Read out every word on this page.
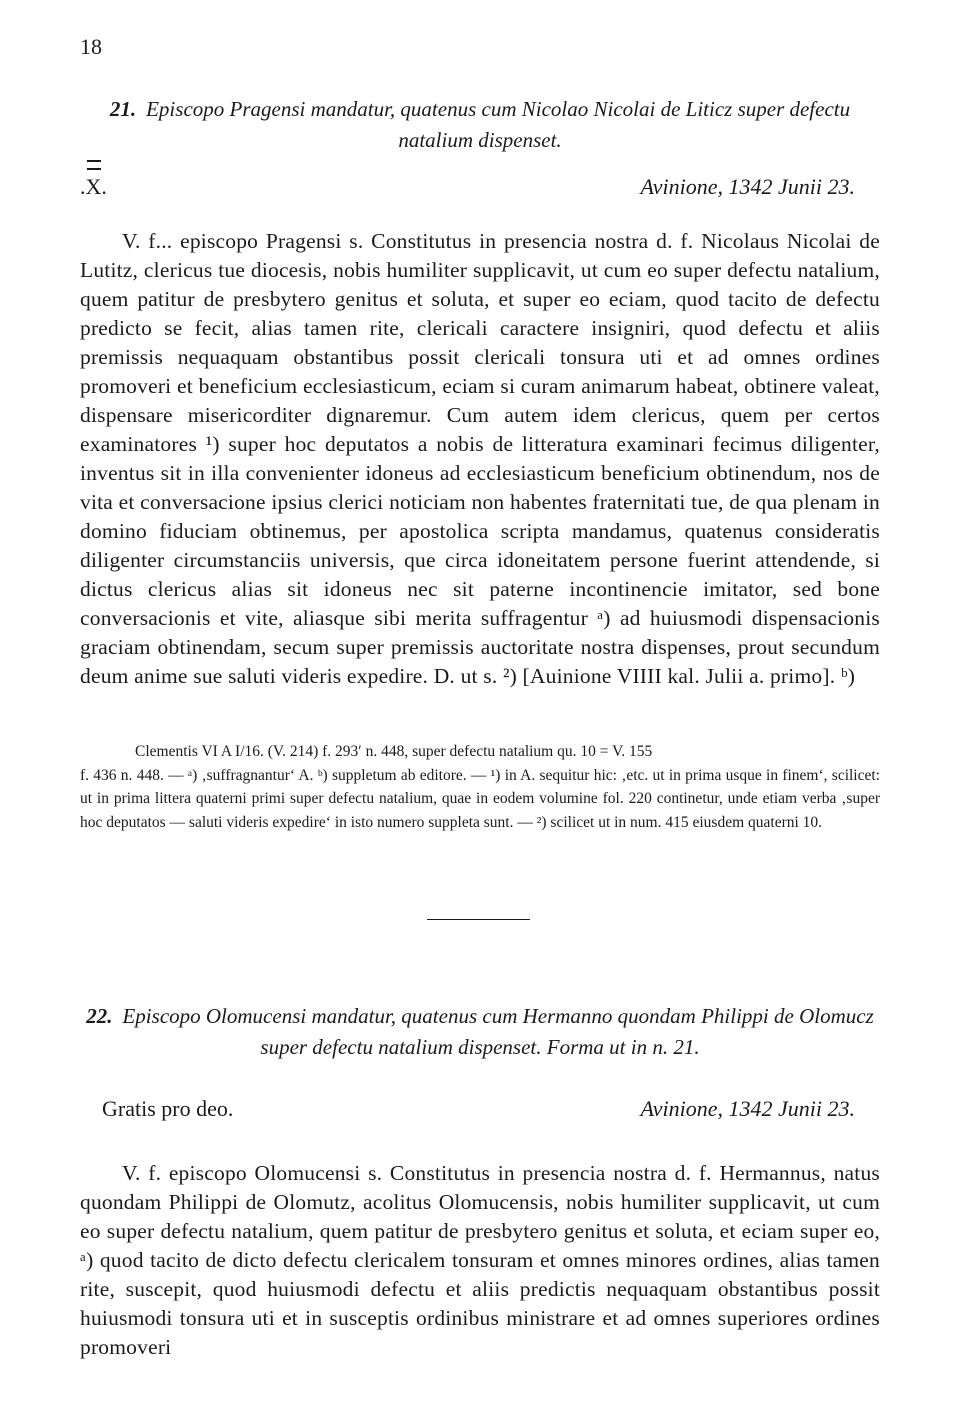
18
21. Episcopo Pragensi mandatur, quatenus cum Nicolao Nicolai de Liticz super defectu natalium dispenset.
.X.	Avinione, 1342 Junii 23.
V. f... episcopo Pragensi s. Constitutus in presencia nostra d. f. Nicolaus Nicolai de Lutitz, clericus tue diocesis, nobis humiliter supplicavit, ut cum eo super defectu natalium, quem patitur de presbytero genitus et soluta, et super eo eciam, quod tacito de defectu predicto se fecit, alias tamen rite, clericali caractere insigniri, quod defectu et aliis premissis nequaquam obstantibus possit clericali tonsura uti et ad omnes ordines promoveri et beneficium ecclesiasticum, eciam si curam animarum habeat, obtinere valeat, dispensare misericorditer dignaremur. Cum autem idem clericus, quem per certos examinatores ¹) super hoc deputatos a nobis de litteratura examinari fecimus diligenter, inventus sit in illa convenienter idoneus ad ecclesiasticum beneficium obtinendum, nos de vita et conversacione ipsius clerici noticiam non habentes fraternitati tue, de qua plenam in domino fiduciam obtinemus, per apostolica scripta mandamus, quatenus consideratis diligenter circumstanciis universis, que circa idoneitatem persone fuerint attendende, si dictus clericus alias sit idoneus nec sit paterne incontinencie imitator, sed bone conversacionis et vite, aliasque sibi merita suffragentur ᵃ) ad huiusmodi dispensacionis graciam obtinendam, secum super premissis auctoritate nostra dispenses, prout secundum deum anime sue saluti videris expedire. D. ut s. ²) [Auinione VIIII kal. Julii a. primo]. ᵇ)
Clementis VI A I/16. (V. 214) f. 293′ n. 448, super defectu natalium qu. 10 = V. 155
f. 436 n. 448. — ᵃ) ‚suffragnantur‘ A. ᵇ) suppletum ab editore. — ¹) in A. sequitur hic: ‚etc. ut in prima usque in finem‘, scilicet: ut in prima littera quaterni primi super defectu natalium, quae in eodem volumine fol. 220 continetur, unde etiam verba ‚super hoc deputatos — saluti videris expedire‘ in isto numero suppleta sunt. — ²) scilicet ut in num. 415 eiusdem quaterni 10.
22. Episcopo Olomucensi mandatur, quatenus cum Hermanno quondam Philippi de Olomucz super defectu natalium dispenset. Forma ut in n. 21.
Gratis pro deo.	Avinione, 1342 Junii 23.
V. f. episcopo Olomucensi s. Constitutus in presencia nostra d. f. Hermannus, natus quondam Philippi de Olomutz, acolitus Olomucensis, nobis humiliter supplicavit, ut cum eo super defectu natalium, quem patitur de presbytero genitus et soluta, et eciam super eo, ᵃ) quod tacito de dicto defectu clericalem tonsuram et omnes minores ordines, alias tamen rite, suscepit, quod huiusmodi defectu et aliis predictis nequaquam obstantibus possit huiusmodi tonsura uti et in susceptis ordinibus ministrare et ad omnes superiores ordines promoveri
